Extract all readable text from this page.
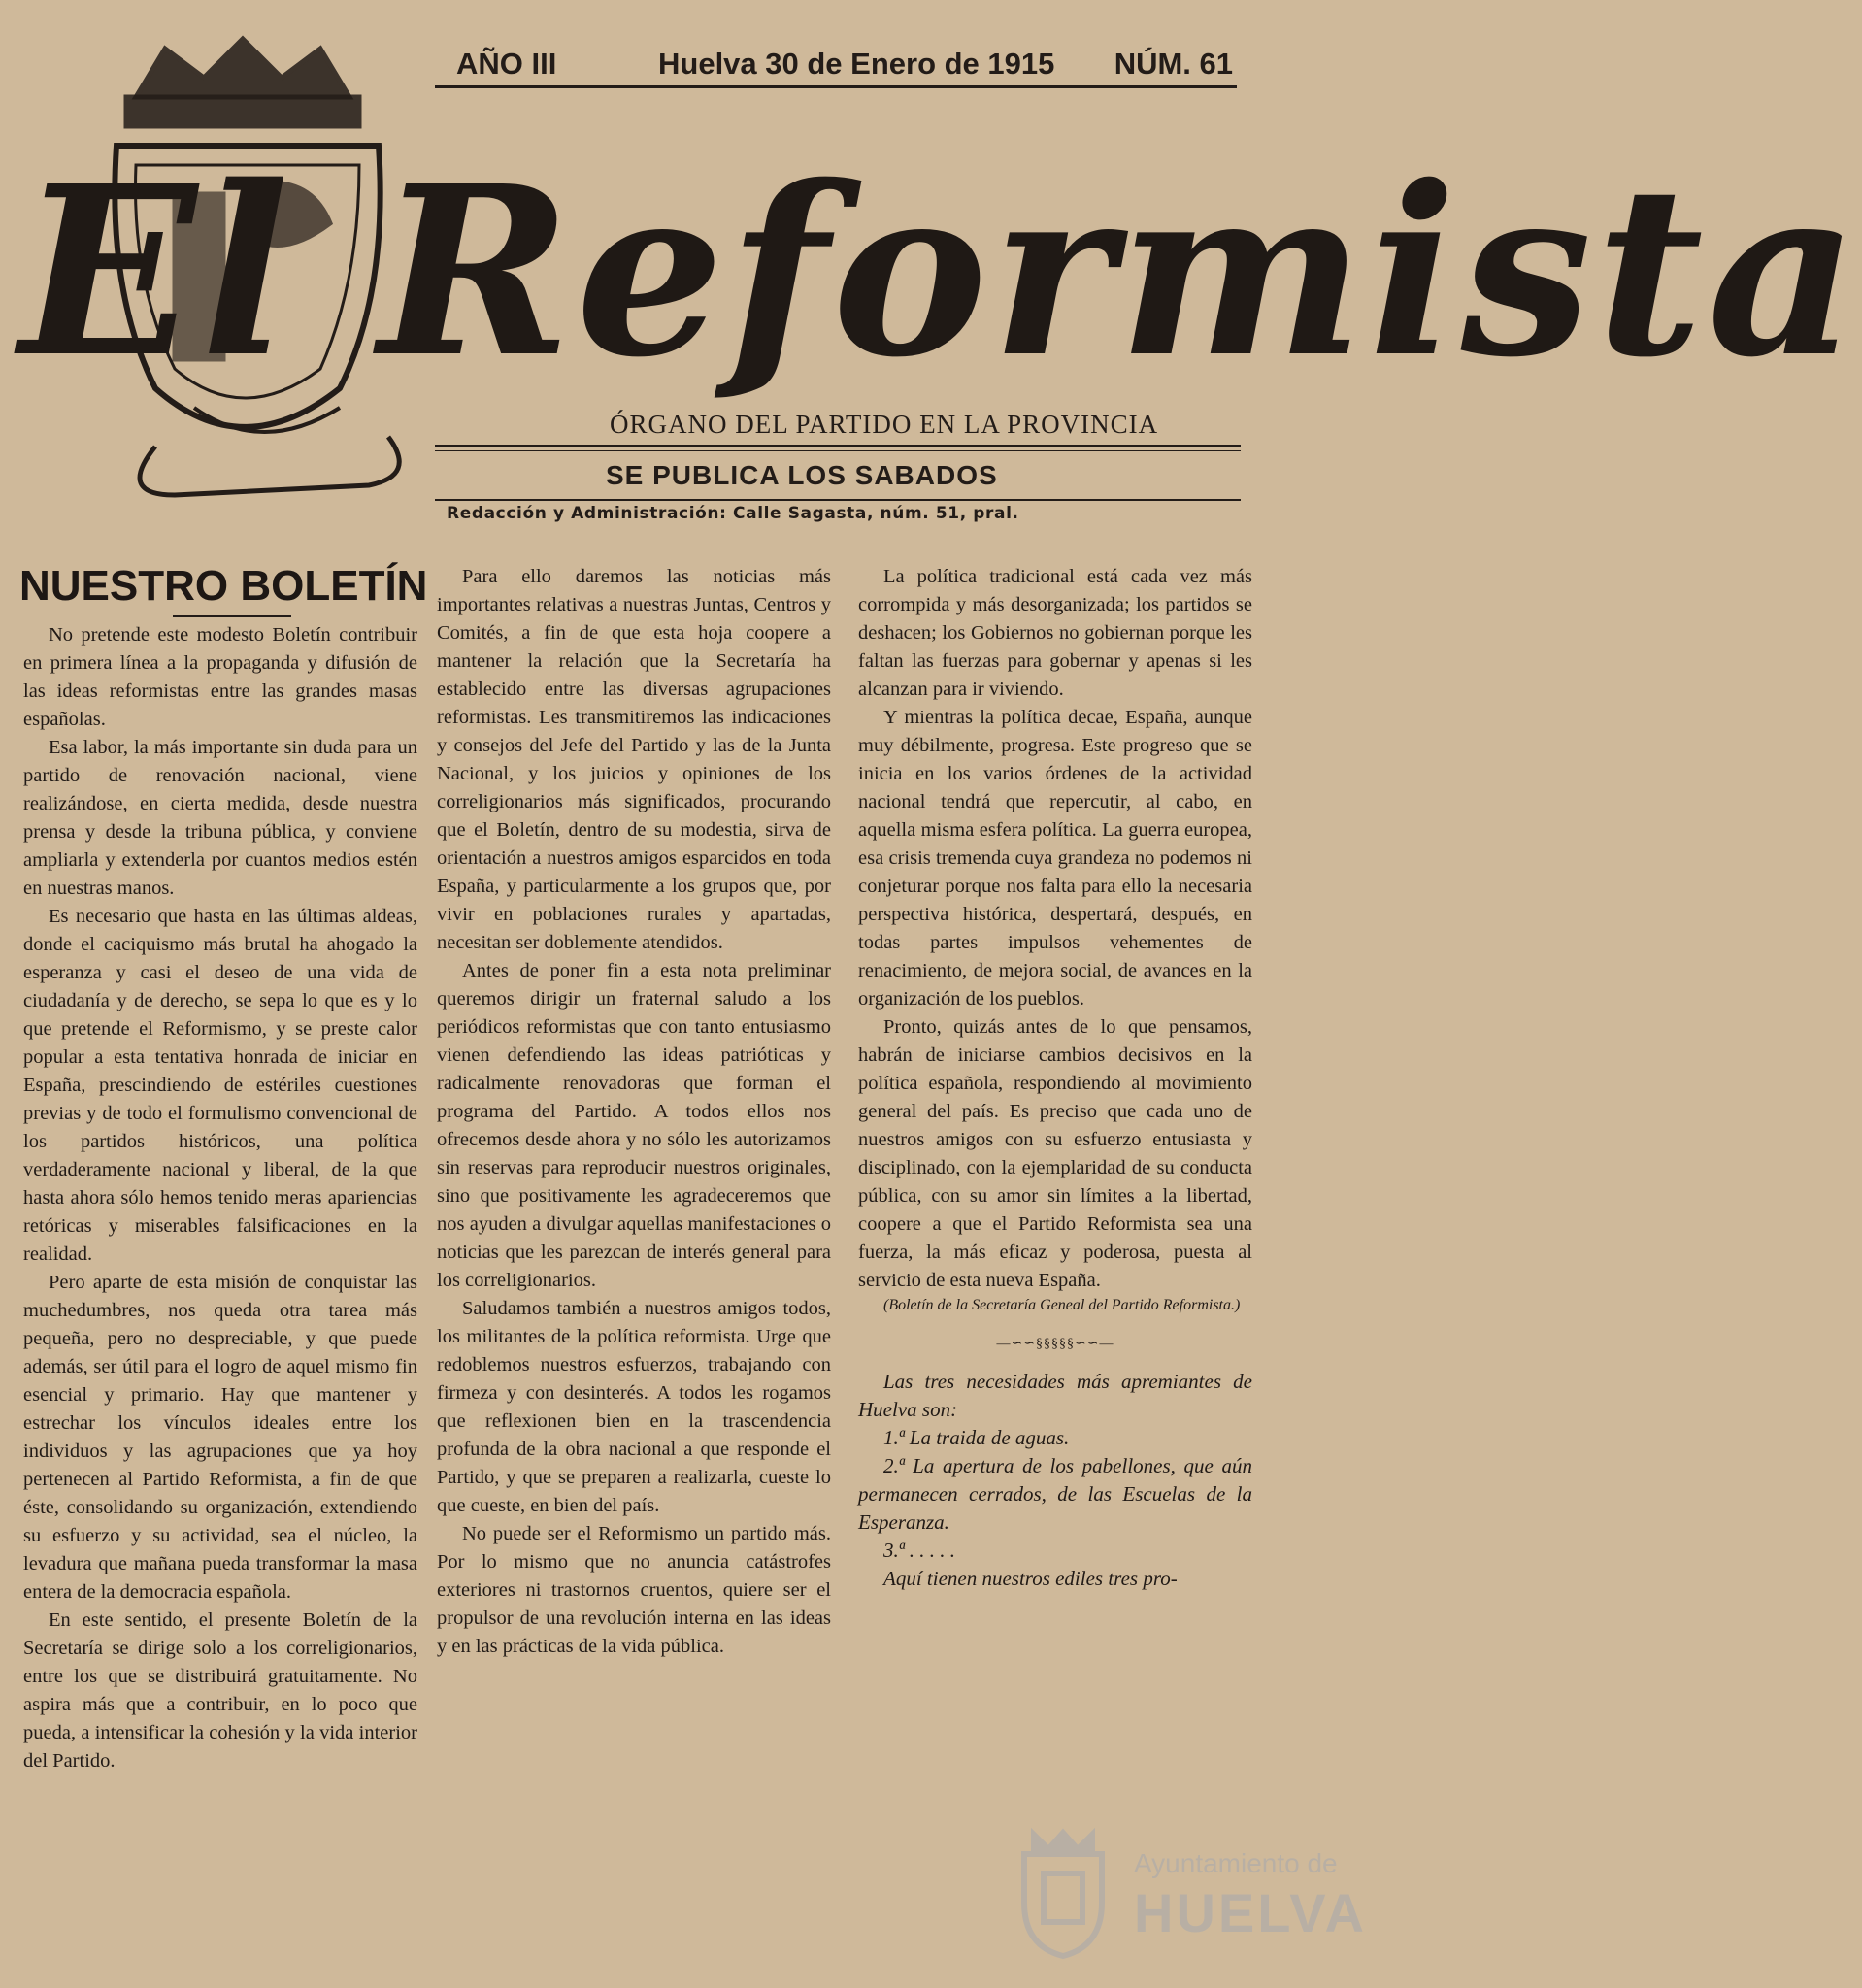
AÑO III	Huelva 30 de Enero de 1915 NÚM. 61
El Reformista
ÓRGANO DEL PARTIDO EN LA PROVINCIA
SE PUBLICA LOS SABADOS
Redacción y Administración: Calle Sagasta, núm. 51, pral.
NUESTRO BOLETÍN

No pretende este modesto Boletín contribuir en primera línea a la propaganda y difusión de las ideas reformistas entre las grandes masas españolas.

Esa labor, la más importante sin duda para un partido de renovación nacional, viene realizándose, en cierta medida, desde nuestra prensa y desde la tribuna pública, y conviene ampliarla y extenderla por cuantos medios estén en nuestras manos.

Es necesario que hasta en las últimas aldeas, donde el caciquismo más brutal ha ahogado la esperanza y casi el deseo de una vida de ciudadanía y de derecho, se sepa lo que es y lo que pretende el Reformismo, y se preste calor popular a esta tentativa honrada de iniciar en España, prescindiendo de estériles cuestiones previas y de todo el formulismo convencional de los partidos históricos, una política verdaderamente nacional y liberal, de la que hasta ahora sólo hemos tenido meras apariencias retóricas y miserables falsificaciones en la realidad.

Pero aparte de esta misión de conquistar las muchedumbres, nos queda otra tarea más pequeña, pero no despreciable, y que puede además, ser útil para el logro de aquel mismo fin esencial y primario. Hay que mantener y estrechar los vínculos ideales entre los individuos y las agrupaciones que ya hoy pertenecen al Partido Reformista, a fin de que éste, consolidando su organización, extendiendo su esfuerzo y su actividad, sea el núcleo, la levadura que mañana pueda transformar la masa entera de la democracia española.

En este sentido, el presente Boletín de la Secretaría se dirige solo a los correligionarios, entre los que se distribuirá gratuitamente. No aspira más que a contribuir, en lo poco que pueda, a intensificar la cohesión y la vida interior del Partido.

Para ello daremos las noticias más importantes relativas a nuestras Juntas, Centros y Comités, a fin de que esta hoja coopere a mantener la relación que la Secretaría ha establecido entre las diversas agrupaciones reformistas. Les transmitiremos las indicaciones y consejos del Jefe del Partido y las de la Junta Nacional, y los juicios y opiniones de los correligionarios más significados, procurando que el Boletín, dentro de su modestia, sirva de orientación a nuestros amigos esparcidos en toda España, y particularmente a los grupos que, por vivir en poblaciones rurales y apartadas, necesitan ser doblemente atendidos.

Antes de poner fin a esta nota preliminar queremos dirigir un fraternal saludo a los periódicos reformistas que con tanto entusiasmo vienen defendiendo las ideas patrióticas y radicalmente renovadoras que forman el programa del Partido. A todos ellos nos ofrecemos desde ahora y no sólo les autorizamos sin reservas para reproducir nuestros originales, sino que positivamente les agradeceremos que nos ayuden a divulgar aquellas manifestaciones o noticias que les parezcan de interés general para los correligionarios.

Saludamos también a nuestros amigos todos, los militantes de la política reformista. Urge que redoblemos nuestros esfuerzos, trabajando con firmeza y con desinterés. A todos les rogamos que reflexionen bien en la trascendencia profunda de la obra nacional a que responde el Partido, y que se preparen a realizarla, cueste lo que cueste, en bien del país.

No puede ser el Reformismo un partido más. Por lo mismo que no anuncia catástrofes exteriores ni trastornos cruentos, quiere ser el propulsor de una revolución interna en las ideas y en las prácticas de la vida pública.

La política tradicional está cada vez más corrompida y más desorganizada; los partidos se deshacen; los Gobiernos no gobiernan porque les faltan las fuerzas para gobernar y apenas si les alcanzan para ir viviendo.

Y mientras la política decae, España, aunque muy débilmente, progresa. Este progreso que se inicia en los varios órdenes de la actividad nacional tendrá que repercutir, al cabo, en aquella misma esfera política. La guerra europea, esa crisis tremenda cuya grandeza no podemos ni conjeturar porque nos falta para ello la necesaria perspectiva histórica, despertará, después, en todas partes impulsos vehementes de renacimiento, de mejora social, de avances en la organización de los pueblos.

Pronto, quizás antes de lo que pensamos, habrán de iniciarse cambios decisivos en la política española, respondiendo al movimiento general del país. Es preciso que cada uno de nuestros amigos con su esfuerzo entusiasta y disciplinado, con la ejemplaridad de su conducta pública, con su amor sin límites a la libertad, coopere a que el Partido Reformista sea una fuerza, la más eficaz y poderosa, puesta al servicio de esta nueva España.

(Boletín de la Secretaría Geneal del Partido Reformista.)

—∽∽§§§§§∽∽—

Las tres necesidades más apremiantes de Huelva son:

1.ª La traida de aguas.

2.ª La apertura de los pabellones, que aún permanecen cerrados, de las Escuelas de la Esperanza.

3.ª . . . . .

Aquí tienen nuestros ediles tres pro-

Ayuntamiento de
HUELVA
